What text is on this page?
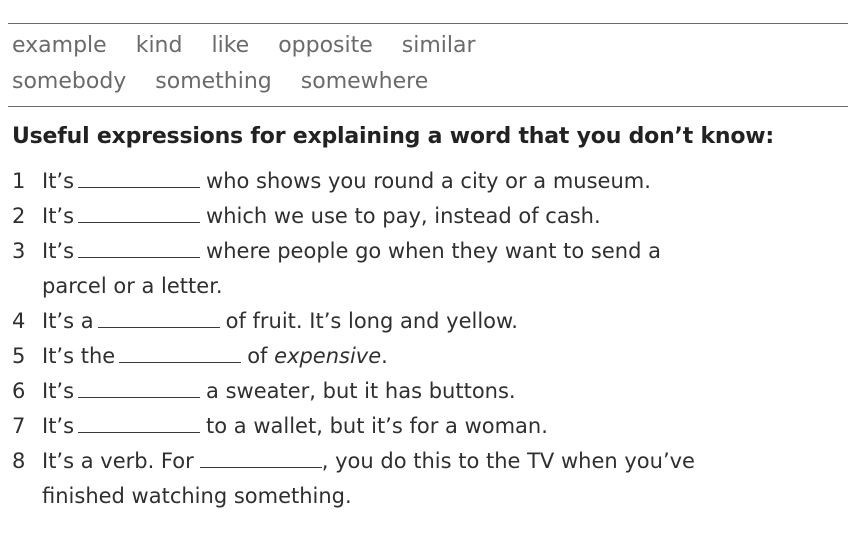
example kind like opposite similar
somebody something somewhere
Useful expressions for explaining a word that you don’t know:
1 It’s	who shows you round a city or a museum.
2 It’s	which we use to pay, instead of cash.
3 It’s	where people go when they want to send a
parcel or a letter.
4 It’s a	of fruit. It’s long and yellow.
5 It’s the	of expensive.
6 It’s	a sweater, but it has buttons.
7 It’s	to a wallet, but it’s for a woman.
8 It’s a verb. For	, you do this to the TV when you’ve
finished watching something.
